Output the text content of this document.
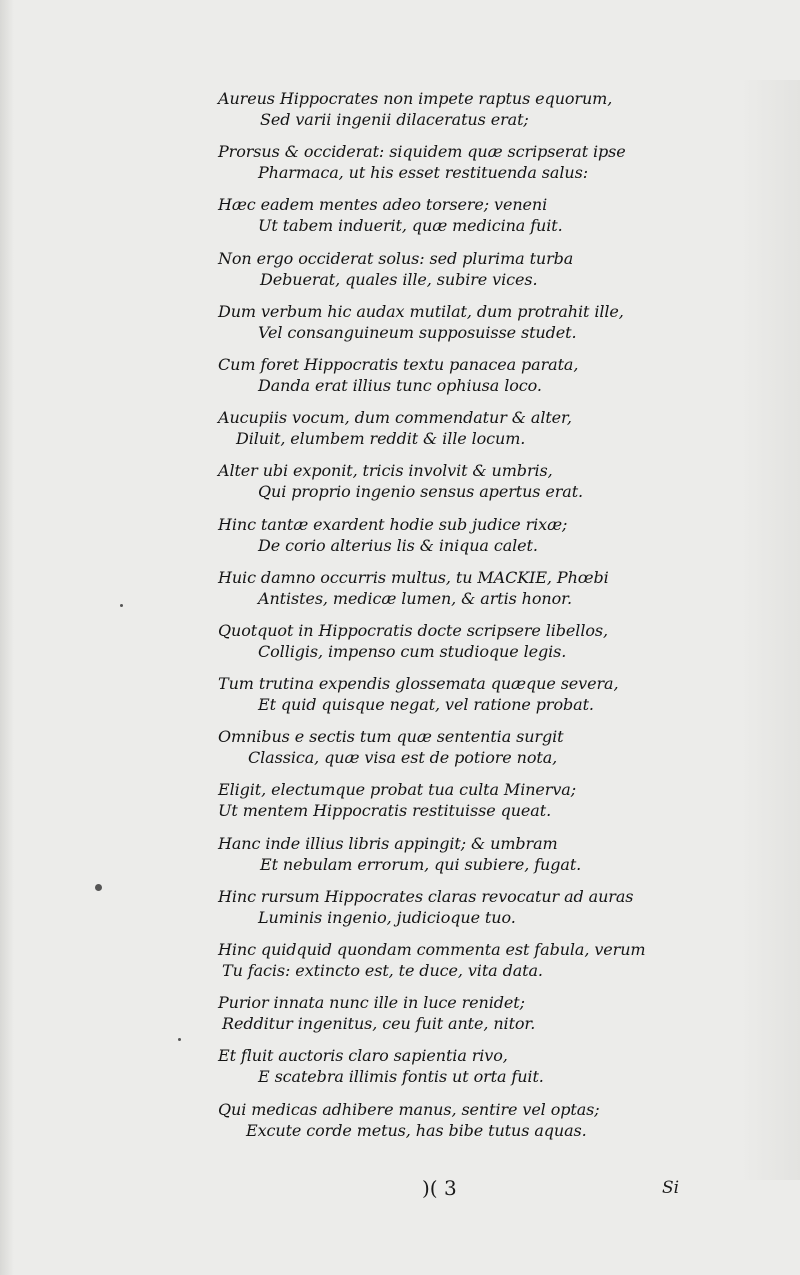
Aureus Hippocrates non impete raptus equorum,
Sed varii ingenii dilaceratus erat;
Prorsus & occiderat: siquidem quæ scripserat ipse
Pharmaca, ut his esset restituenda salus:
Hæc eadem mentes adeo torsere; veneni
Ut tabem induerit, quæ medicina fuit.
Non ergo occiderat solus: sed plurima turba
Debuerat, quales ille, subire vices.
Dum verbum hic audax mutilat, dum protrahit ille,
Vel consanguineum supposuisse studet.
Cum foret Hippocratis textu panacea parata,
Danda erat illius tunc ophiusa loco.
Aucupiis vocum, dum commendatur & alter,
Diluit, elumbem reddit & ille locum.
Alter ubi exponit, tricis involvit & umbris,
Qui proprio ingenio sensus apertus erat.
Hinc tantæ exardent hodie sub judice rixæ;
De corio alterius lis & iniqua calet.
Huic damno occurris multus, tu MACKIE, Phœbi
Antistes, medicæ lumen, & artis honor.
Quotquot in Hippocratis docte scripsere libellos,
Colligis, impenso cum studioque legis.
Tum trutina expendis glossemata quæque severa,
Et quid quisque negat, vel ratione probat.
Omnibus e sectis tum quæ sententia surgit
Classica, quæ visa est de potiore nota,
Eligit, electumque probat tua culta Minerva;
Ut mentem Hippocratis restituisse queat.
Hanc inde illius libris appingit; & umbram
Et nebulam errorum, qui subiere, fugat.
Hinc rursum Hippocrates claras revocatur ad auras
Luminis ingenio, judicioque tuo.
Hinc quidquid quondam commenta est fabula, verum
Tu facis: extincto est, te duce, vita data.
Purior innata nunc ille in luce renidet;
Redditur ingenitus, ceu fuit ante, nitor.
Et fluit auctoris claro sapientia rivo,
E scatebra illimis fontis ut orta fuit.
Qui medicas adhibere manus, sentire vel optas;
Excute corde metus, has bibe tutus aquas.
)( 3	Si
